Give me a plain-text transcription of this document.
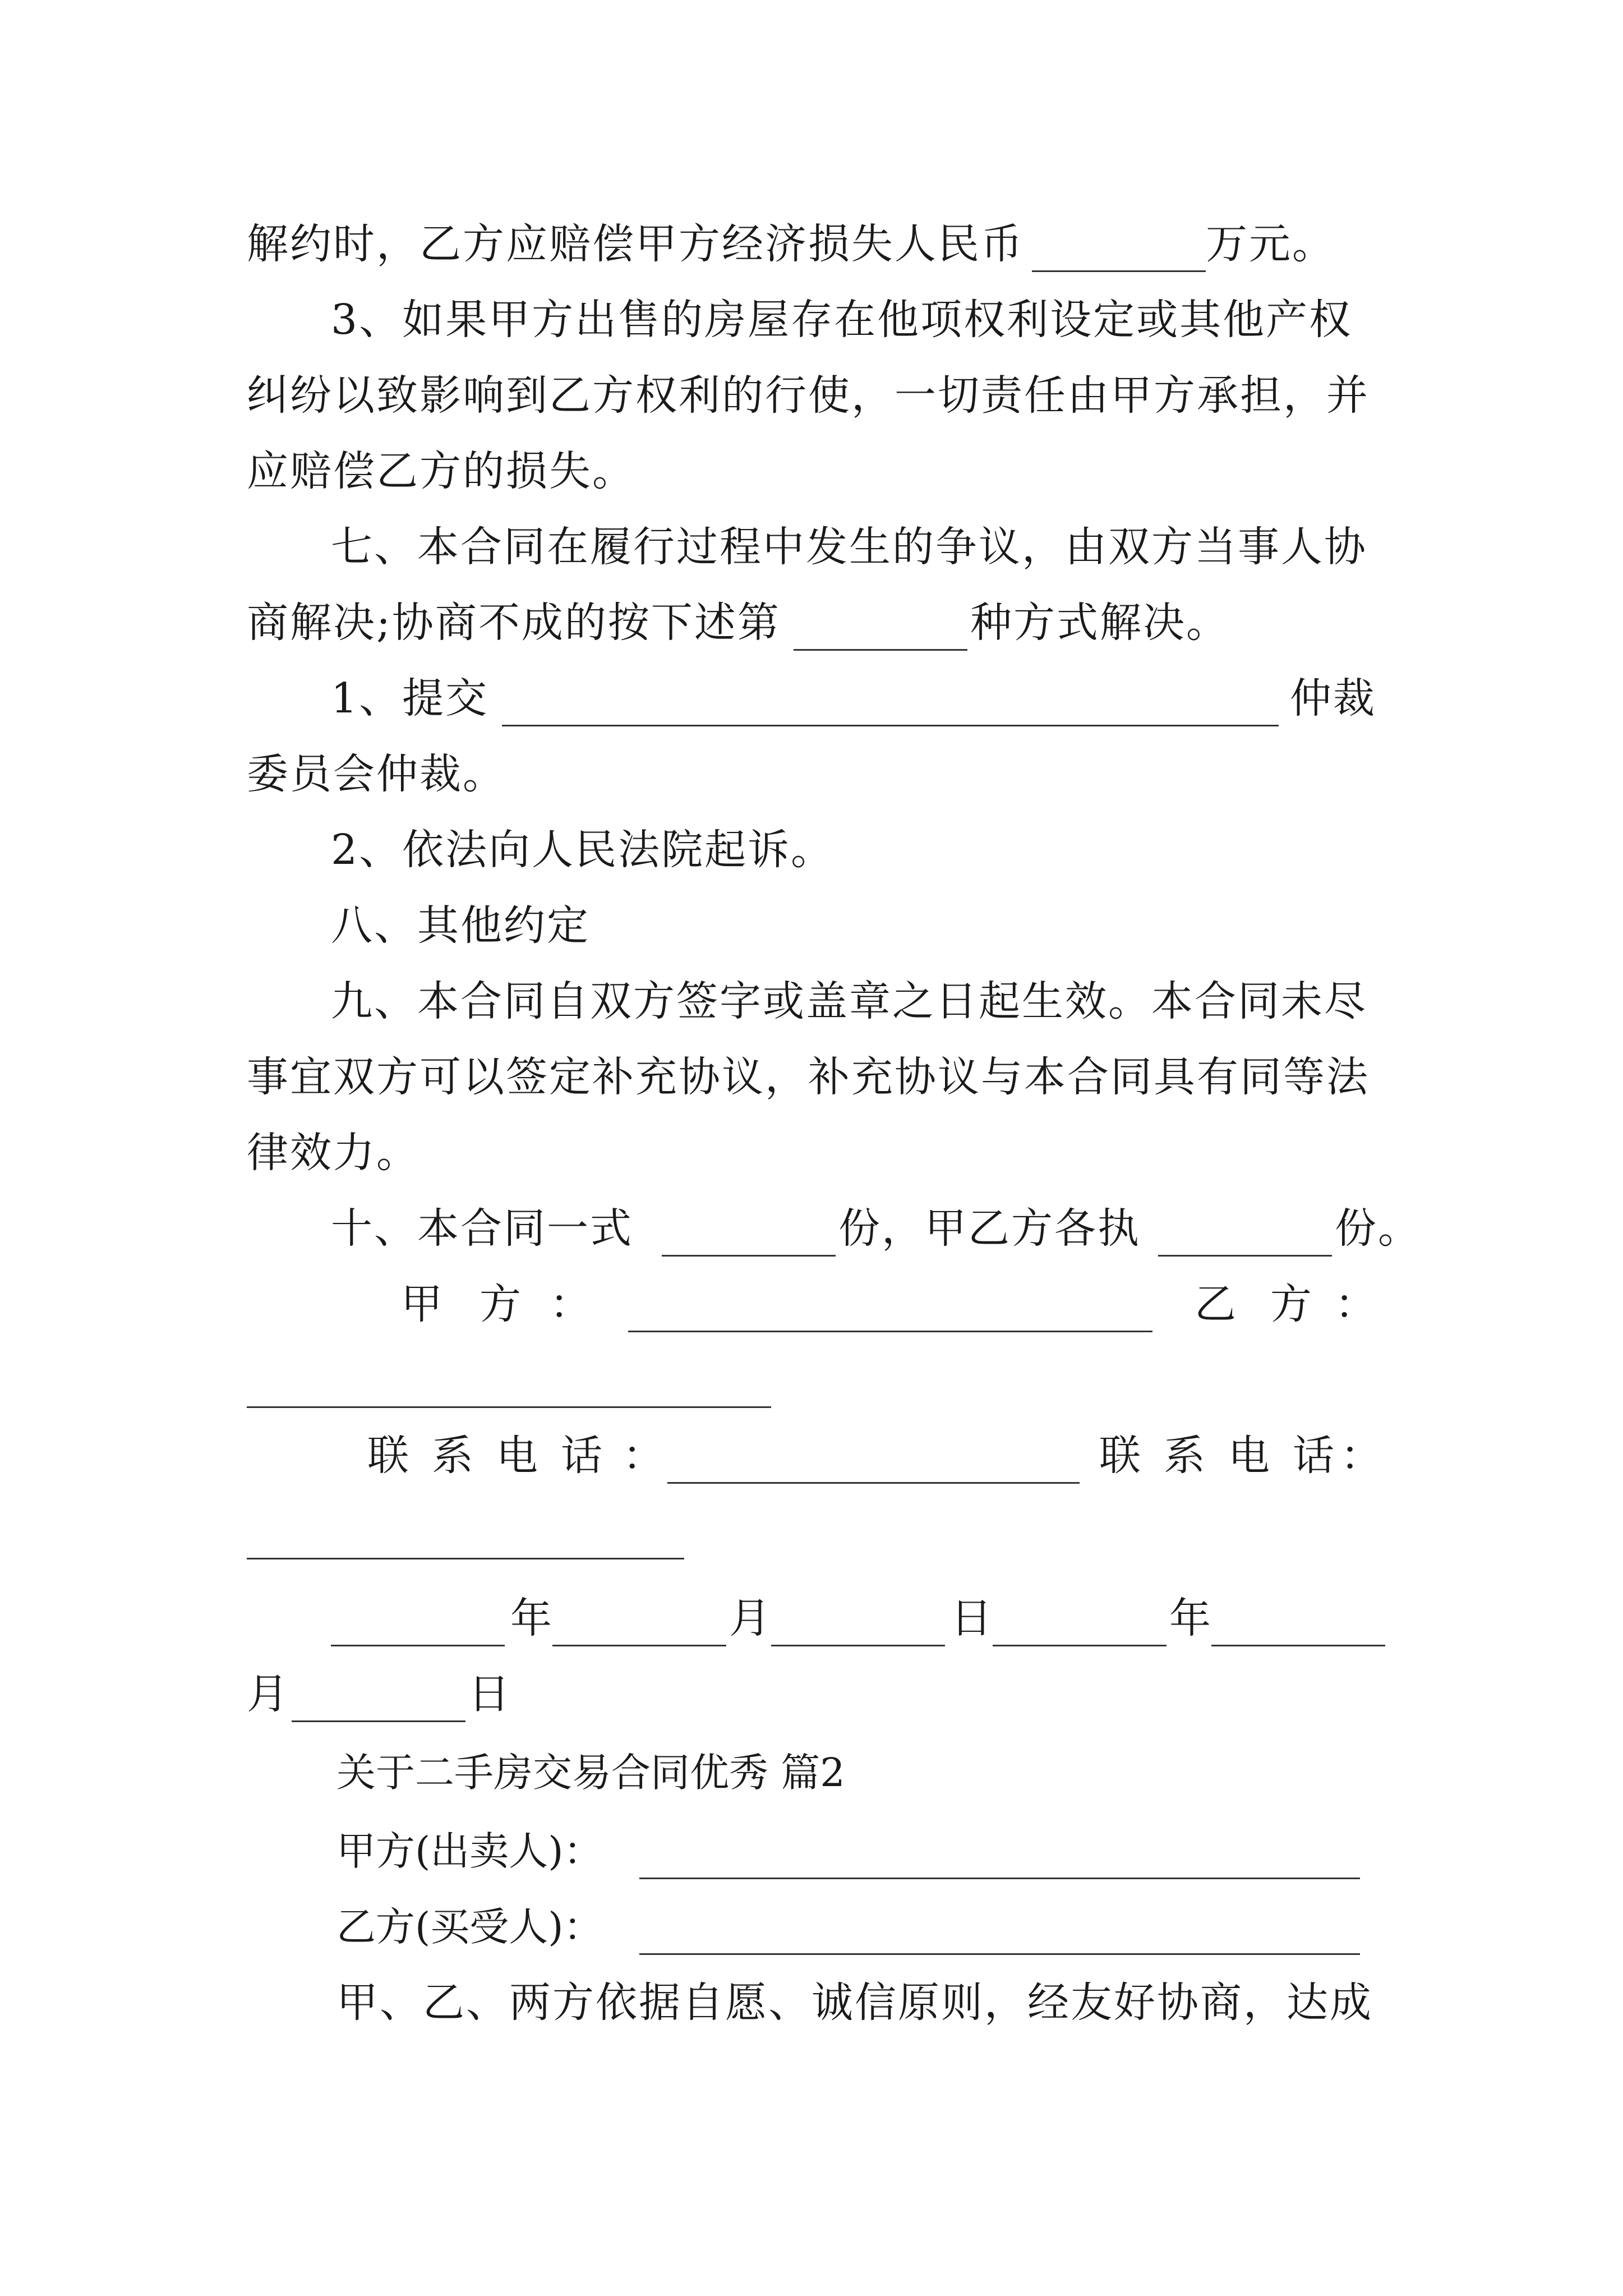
解约时，乙方应赔偿甲方经济损失人民币	万元。
3、如果甲方出售的房屋存在他项权利设定或其他产权
纠纷以致影响到乙方权利的行使，一切责任由甲方承担，并
应赔偿乙方的损失。
七、本合同在履行过程中发生的争议，由双方当事人协
商解决;协商不成的按下述第	种方式解决。
1、提交	仲裁
委员会仲裁。
2、依法向人民法院起诉。
八、其他约定
九、本合同自双方签字或盖章之日起生效。本合同未尽
事宜双方可以签定补充协议，补充协议与本合同具有同等法
律效力。
十、本合同一式	份，甲乙方各执	份。
甲 方 ：	乙 方 ：
联 系 电 话 ：	联 系 电 话 ：
年	月	日	年
月	日
关于二手房交易合同优秀 篇2
甲方(出卖人)：
乙方(买受人)：
甲、乙、两方依据自愿、诚信原则，经友好协商，达成
